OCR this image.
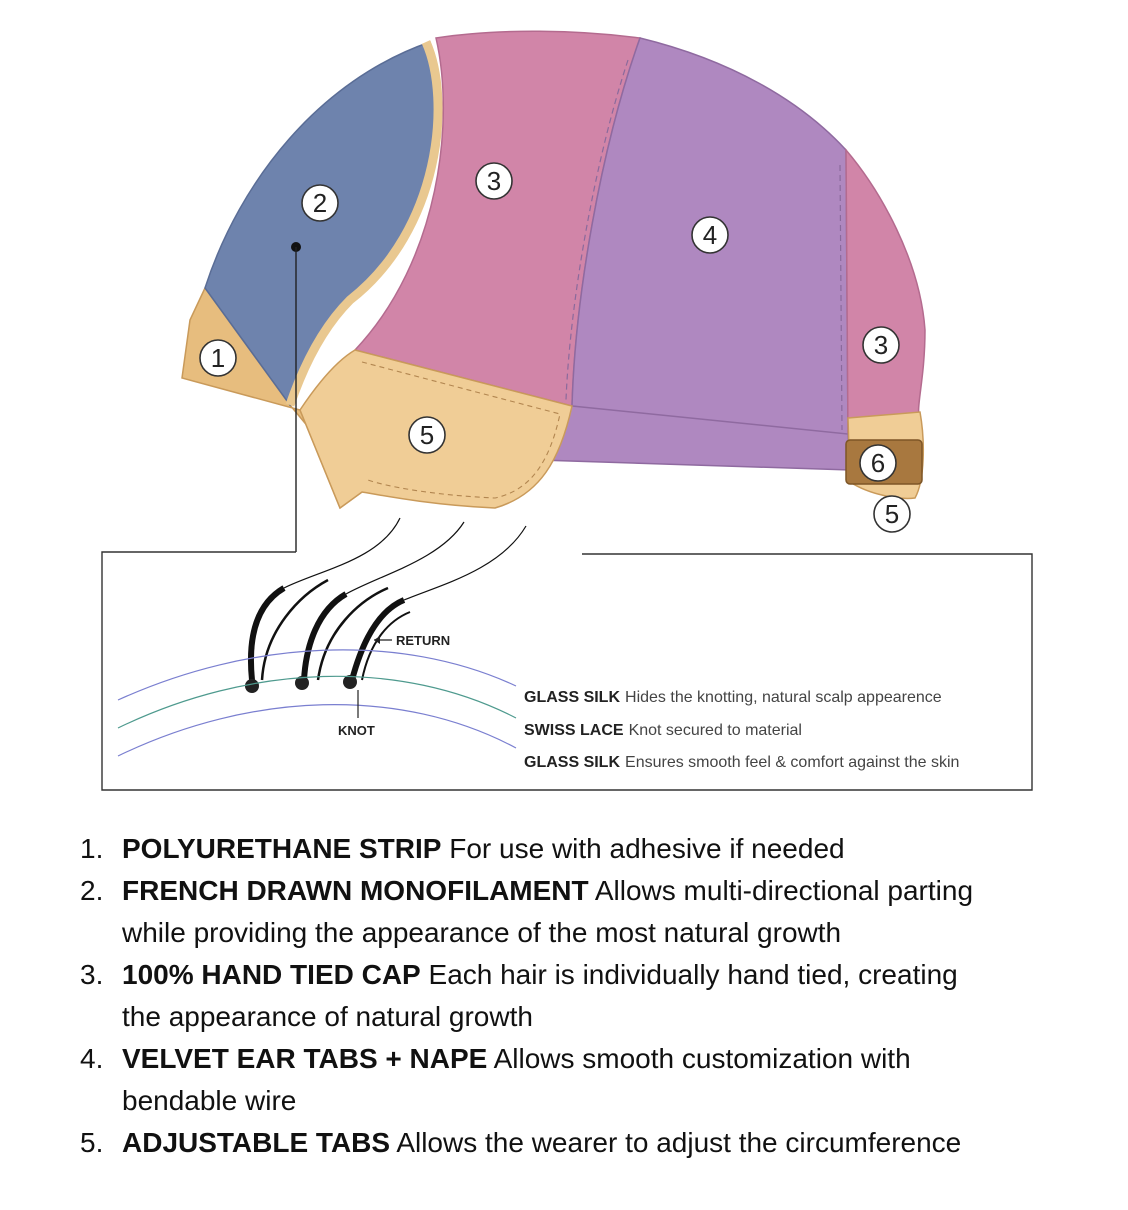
1
2
3
4
3
5
6
5
RETURN
KNOT
GLASS SILK Hides the knotting, natural scalp appearence
SWISS LACE Knot secured to material
GLASS SILK Ensures smooth feel & comfort against the skin
1. POLYURETHANE STRIP For use with adhesive if needed
2. FRENCH DRAWN MONOFILAMENT Allows multi-directional parting
while providing the appearance of the most natural growth
3. 100% HAND TIED CAP Each hair is individually hand tied, creating
the appearance of natural growth
4. VELVET EAR TABS + NAPE Allows smooth customization with
bendable wire
5. ADJUSTABLE TABS Allows the wearer to adjust the circumference
